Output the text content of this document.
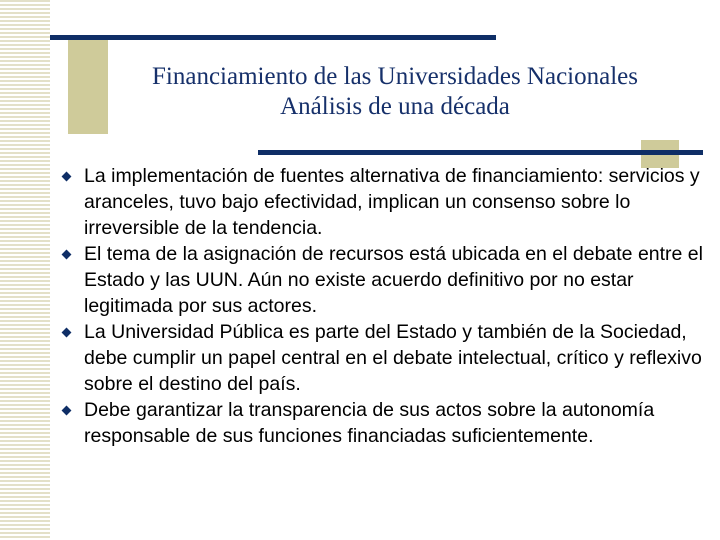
Financiamiento de las Universidades Nacionales
Análisis de una década
La implementación de fuentes alternativa de financiamiento: servicios y aranceles, tuvo bajo efectividad, implican un consenso sobre lo irreversible de la tendencia.
El tema de la asignación de recursos está ubicada en el debate entre el Estado y las UUN. Aún no existe acuerdo definitivo por no estar legitimada por sus actores.
La Universidad Pública es parte del Estado y también de la Sociedad, debe cumplir un papel central en el debate intelectual, crítico y reflexivo sobre el destino del país.
Debe garantizar la transparencia de sus actos sobre la autonomía responsable de sus funciones financiadas suficientemente.
